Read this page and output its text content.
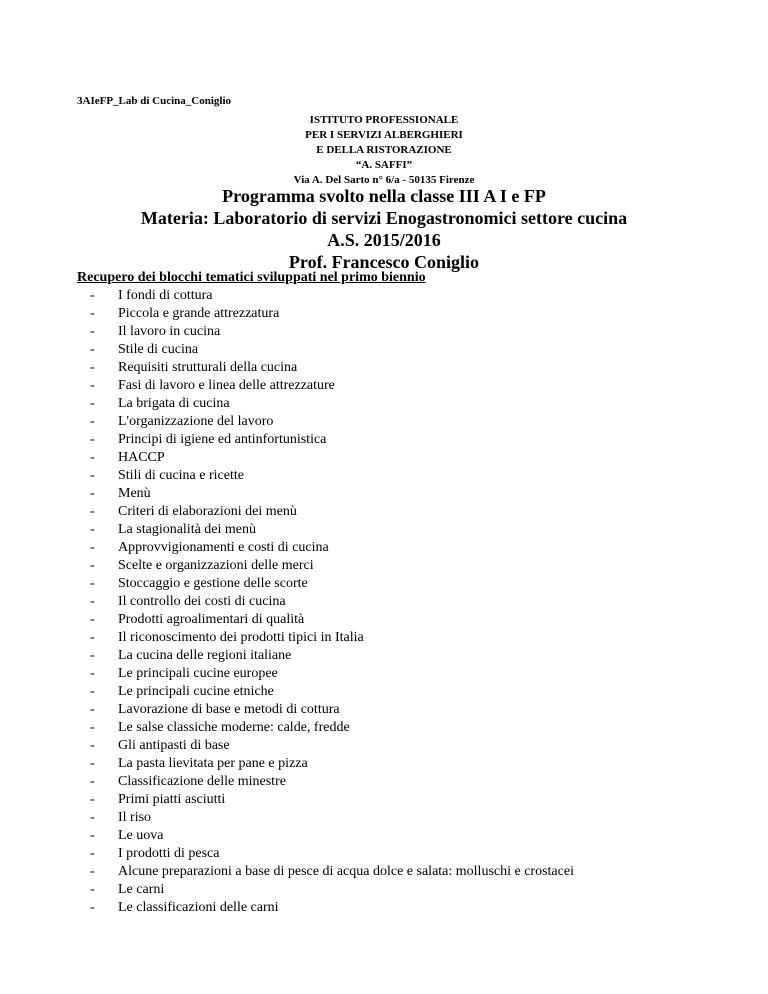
3AIeFP_Lab di Cucina_Coniglio
ISTITUTO PROFESSIONALE
PER I SERVIZI ALBERGHIERI
E DELLA RISTORAZIONE
“A. SAFFI”
Via A. Del Sarto n° 6/a - 50135 Firenze
Programma svolto nella classe III A I e FP
Materia: Laboratorio di servizi Enogastronomici settore cucina
A.S. 2015/2016
Prof. Francesco Coniglio
Recupero dei blocchi tematici sviluppati nel primo biennio
- I fondi di cottura
- Piccola e grande attrezzatura
- Il lavoro in cucina
- Stile di cucina
- Requisiti strutturali della cucina
- Fasi di lavoro e linea delle attrezzature
- La brigata di cucina
- L'organizzazione del lavoro
- Principi di igiene ed antinfortunistica
- HACCP
- Stili di cucina e ricette
- Menù
- Criteri di elaborazioni dei menù
- La stagionalità dei menù
- Approvvigionamenti e costi di cucina
- Scelte e organizzazioni delle merci
- Stoccaggio e gestione delle scorte
- Il controllo dei costi di cucina
- Prodotti agroalimentari di qualità
- Il riconoscimento dei prodotti tipici in Italia
- La cucina delle regioni italiane
- Le principali cucine europee
- Le principali cucine etniche
- Lavorazione di base e metodi di cottura
- Le salse classiche moderne: calde, fredde
- Gli antipasti di base
- La pasta lievitata per pane e pizza
- Classificazione delle minestre
- Primi piatti asciutti
- Il riso
- Le uova
- I prodotti di pesca
- Alcune preparazioni a base di pesce di acqua dolce e salata: molluschi e crostacei
- Le carni
- Le classificazioni delle carni
